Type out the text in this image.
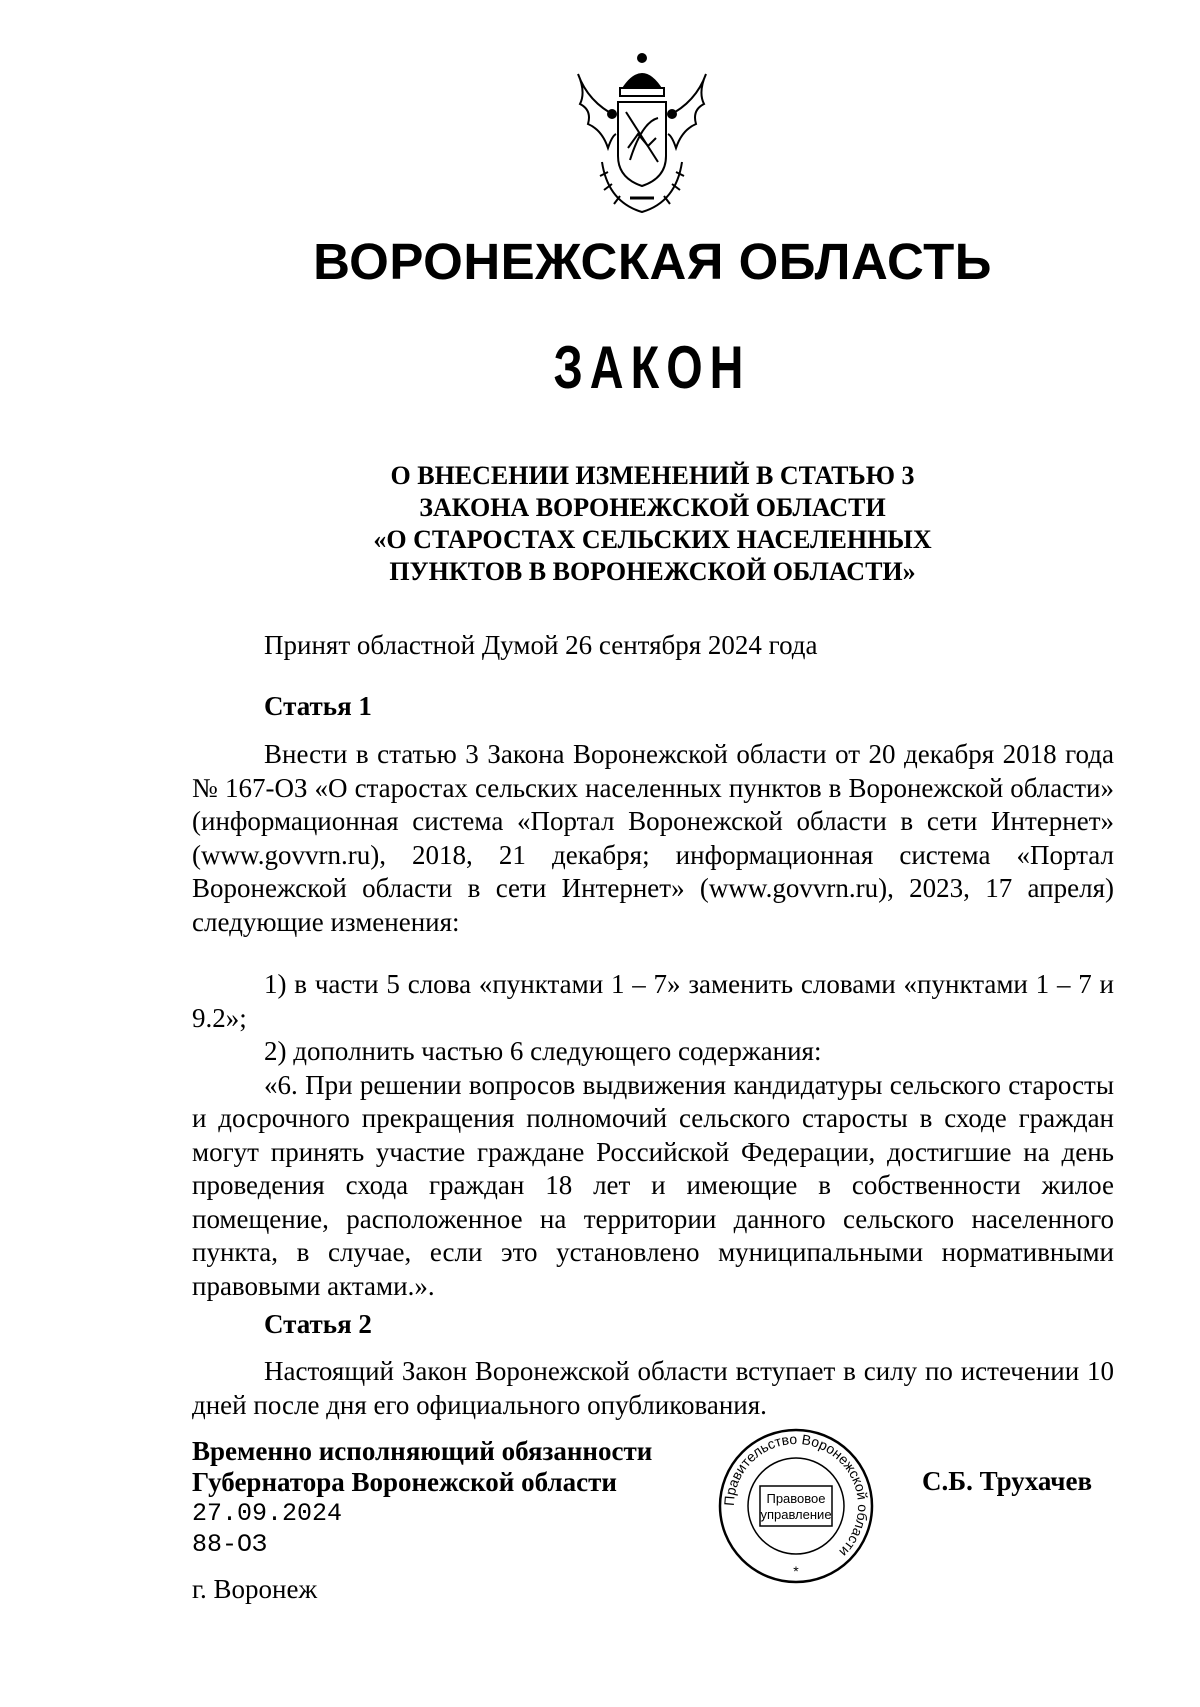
ВОРОНЕЖСКАЯ ОБЛАСТЬ
ЗАКОН
О ВНЕСЕНИИ ИЗМЕНЕНИЙ В СТАТЬЮ 3
ЗАКОНА ВОРОНЕЖСКОЙ ОБЛАСТИ
«О СТАРОСТАХ СЕЛЬСКИХ НАСЕЛЕННЫХ
ПУНКТОВ В ВОРОНЕЖСКОЙ ОБЛАСТИ»
Принят областной Думой 26 сентября 2024 года
Статья 1

Внести в статью 3 Закона Воронежской области от 20 декабря 2018 года № 167-ОЗ «О старостах сельских населенных пунктов в Воронежской области» (информационная система «Портал Воронежской области в сети Интернет» (www.govvrn.ru), 2018, 21 декабря; информационная система «Портал Воронежской области в сети Интернет» (www.govvrn.ru), 2023, 17 апреля) следующие изменения:

1) в части 5 слова «пунктами 1 – 7» заменить словами «пунктами 1 – 7 и 9.2»;

2) дополнить частью 6 следующего содержания:

«6. При решении вопросов выдвижения кандидатуры сельского старосты и досрочного прекращения полномочий сельского старосты в сходе граждан могут принять участие граждане Российской Федерации, достигшие на день проведения схода граждан 18 лет и имеющие в собственности жилое помещение, расположенное на территории данного сельского населенного пункта, в случае, если это установлено муниципальными нормативными правовыми актами.».

Статья 2

Настоящий Закон Воронежской области вступает в силу по истечении 10 дней после дня его официального опубликования.

Временно исполняющий обязанности
Губернатора Воронежской области
27.09.2024
88-ОЗ
г. Воронеж
Правительство Воронежской области
Правовое
управление
*
С.Б. Трухачев
